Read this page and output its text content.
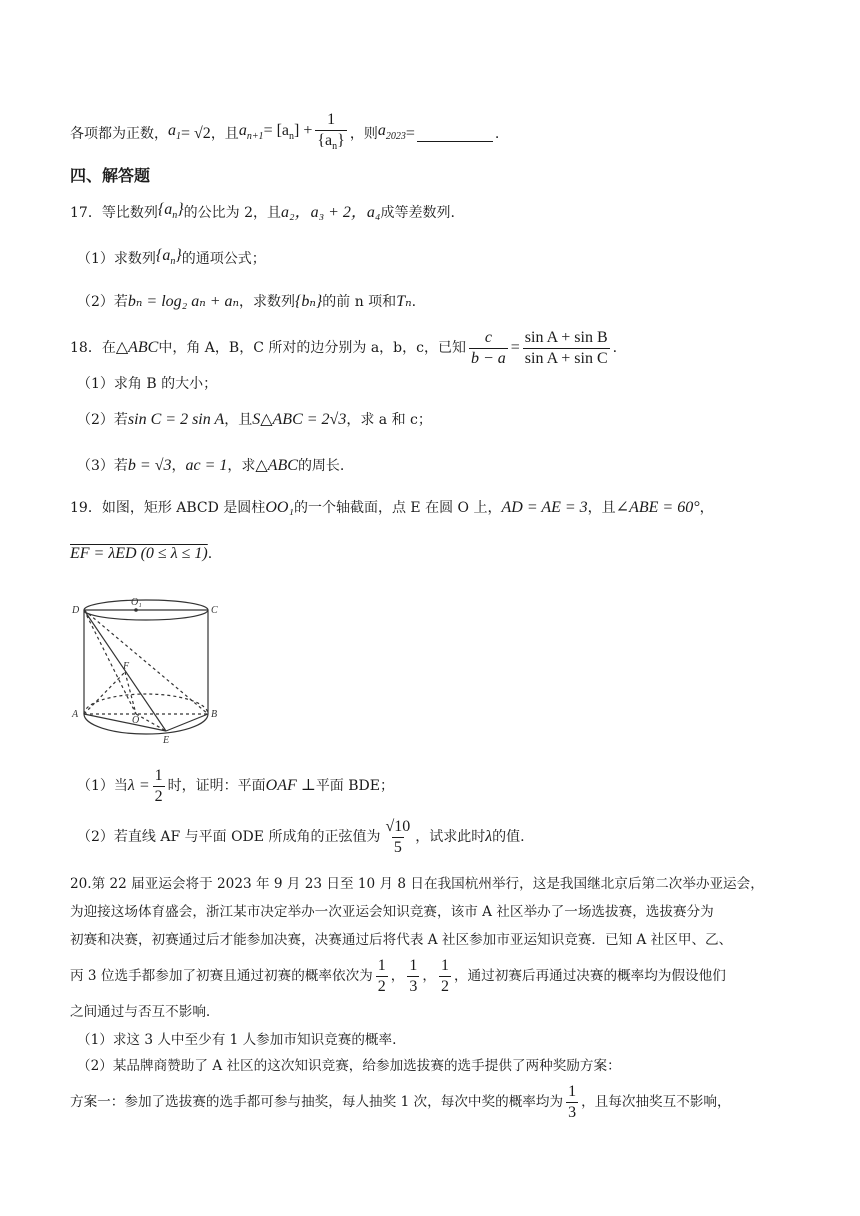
各项都为正数， $a_1 = √2$ ，且 $a_{n+1} = [a_n] + \frac{1}{\{a_n\}}$ ，则 $a_{2023}$ =	.
四、解答题
17．等比数列 $\{a_n\}$ 的公比为 2，且 a₂，a₃ + 2，a₄ 成等差数列.
（1）求数列 $\{a_n\}$ 的通项公式；
（2）若 bₙ = log₂ aₙ + aₙ ，求数列 {bₙ} 的前 n 项和 Tₙ .
18．在 △ABC 中，角 A，B，C 所对的边分别为 a，b，c，已知 $\frac{c}{b - a} = \frac{\text{sin A + sin B}}{\text{sin A + sin C}}$ .
（1）求角 B 的大小；
（2）若 sin C = 2 sin A ，且 S△ABC = 2√3 ，求 a 和 c；
（3）若 b = √3 ， ac = 1 ，求 △ABC 的周长.
19．如图，矩形 ABCD 是圆柱 OO₁ 的一个轴截面，点 E 在圆 O 上， AD = AE = 3 ，且 ∠ABE = 60° ，
EF = λED (0 ≤ λ ≤ 1) .
D
O₁
C
F
A
O
B
E
（1）当 $\lambda = \frac{1}{2}$ 时，证明：平面 OAF ⊥ 平面 BDE；
（2）若直线 AF 与平面 ODE 所成角的正弦值为 $\frac{√10}{5}$ ，试求此时 λ 的值.
20.第 22 届亚运会将于 2023 年 9 月 23 日至 10 月 8 日在我国杭州举行，这是我国继北京后第二次举办亚运会，
为迎接这场体育盛会，浙江某市决定举办一次亚运会知识竞赛，该市 A 社区举办了一场选拔赛，选拔赛分为
初赛和决赛，初赛通过后才能参加决赛，决赛通过后将代表 A 社区参加市亚运知识竞赛．已知 A 社区甲、乙、
丙 3 位选手都参加了初赛且通过初赛的概率依次为 $\frac{1}{2}$ ， $\frac{1}{3}$ ， $\frac{1}{2}$ ，通过初赛后再通过决赛的概率均为假设他们
之间通过与否互不影响.
（1）求这 3 人中至少有 1 人参加市知识竞赛的概率.
（2）某品牌商赞助了 A 社区的这次知识竞赛，给参加选拔赛的选手提供了两种奖励方案：
方案一：参加了选拔赛的选手都可参与抽奖，每人抽奖 1 次，每次中奖的概率均为 $\frac{1}{3}$ ，且每次抽奖互不影响，
